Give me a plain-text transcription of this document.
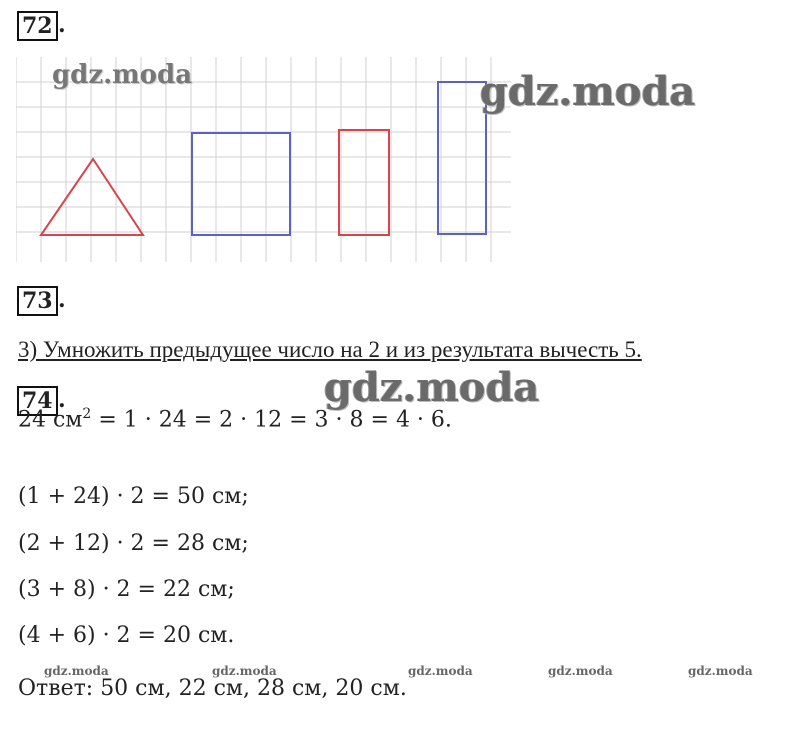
72 .
gdz.moda	gdz.moda
73 .
3) Умножить предыдущее число на 2 и из результата вычесть 5.
74 .	gdz.moda
24 $см^2 = 1 \cdot 24 = 2 \cdot 12 = 3 \cdot 8 = 4 \cdot 6$.
(1 + 24) · 2 = 50 см;
(2 + 12) · 2 = 28 см;
(3 + 8) · 2 = 22 см;
(4 + 6) · 2 = 20 см.
Ответ: 50 см, 22 см, 28 см, 20 см.
gdz.moda	gdz.moda	gdz.moda	gdz.moda	gdz.moda
